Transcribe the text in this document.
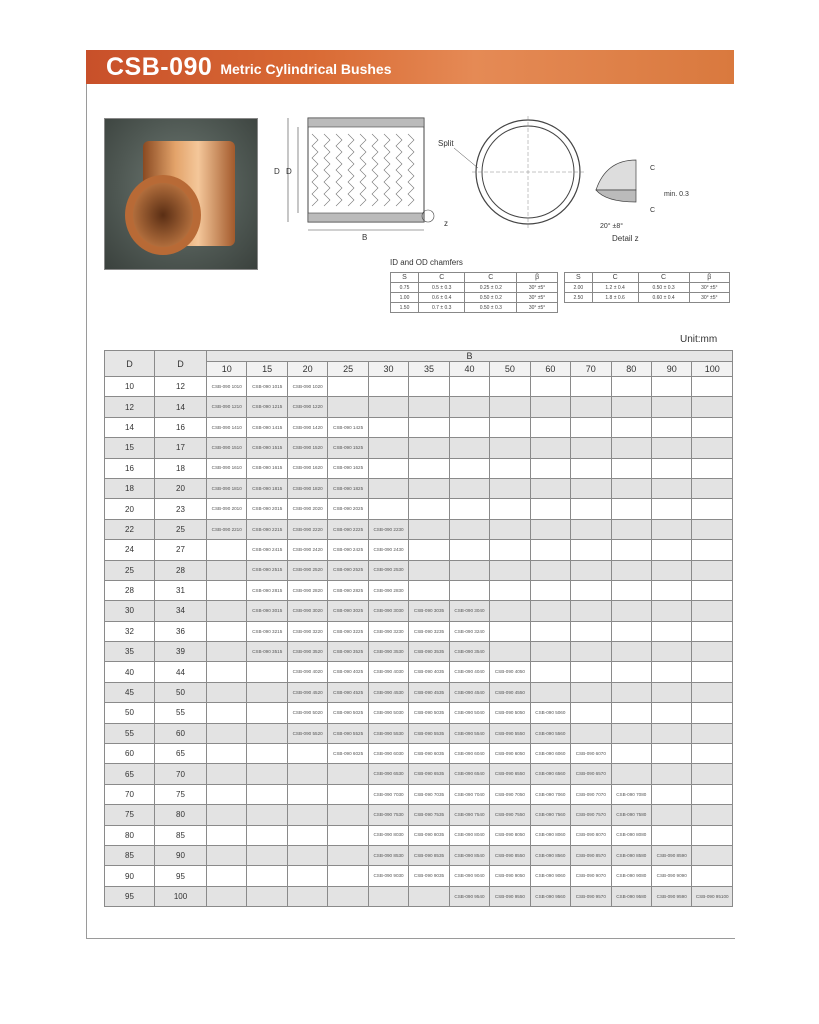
CSB-090 Metric Cylindrical Bushes
D D
B
z
Split
C
C
min. 0.3
20° ±8°
Detail z
ID and OD chamfers
S	C	C	β
0.75	0.5 ± 0.3	0.25 ± 0.2	30° ±5°
1.00	0.6 ± 0.4	0.50 ± 0.2	30° ±5°
1.50	0.7 ± 0.3	0.50 ± 0.3	30° ±5°
S	C	C	β
2.00	1.2 ± 0.4	0.50 ± 0.3	30° ±5°
2.50	1.8 ± 0.6	0.60 ± 0.4	30° ±5°
Unit:mm
D	D	B												
		10	15	20	25	30	35	40	50	60	70	80	90	100
10	12	CSB-090 1010	CSB-090 1015	CSB-090 1020										

12	14	CSB-090 1210	CSB-090 1215	CSB-090 1220										

14	16	CSB-090 1410	CSB-090 1415	CSB-090 1420	CSB-090 1425									

15	17	CSB-090 1510	CSB-090 1515	CSB-090 1520	CSB-090 1525									

16	18	CSB-090 1610	CSB-090 1615	CSB-090 1620	CSB-090 1625									

18	20	CSB-090 1810	CSB-090 1815	CSB-090 1820	CSB-090 1825									

20	23	CSB-090 2010	CSB-090 2015	CSB-090 2020	CSB-090 2025									

22	25	CSB-090 2210	CSB-090 2215	CSB-090 2220	CSB-090 2225	CSB-090 2230								

24	27		CSB-090 2415	CSB-090 2420	CSB-090 2425	CSB-090 2430								

25	28		CSB-090 2515	CSB-090 2520	CSB-090 2525	CSB-090 2530								

28	31		CSB-090 2815	CSB-090 2820	CSB-090 2825	CSB-090 2830								

30	34		CSB-090 3015	CSB-090 3020	CSB-090 3025	CSB-090 3030	CSB-090 3035	CSB-090 3040						

32	36		CSB-090 3215	CSB-090 3220	CSB-090 3225	CSB-090 3230	CSB-090 3235	CSB-090 3240						

35	39		CSB-090 3515	CSB-090 3520	CSB-090 3525	CSB-090 3530	CSB-090 3535	CSB-090 3540						

40	44			CSB-090 4020	CSB-090 4025	CSB-090 4030	CSB-090 4035	CSB-090 4040	CSB-090 4050					

45	50			CSB-090 4520	CSB-090 4525	CSB-090 4530	CSB-090 4535	CSB-090 4540	CSB-090 4550					

50	55			CSB-090 5020	CSB-090 5025	CSB-090 5030	CSB-090 5035	CSB-090 5040	CSB-090 5050	CSB-090 5060				

55	60			CSB-090 5520	CSB-090 5525	CSB-090 5530	CSB-090 5535	CSB-090 5540	CSB-090 5550	CSB-090 5560				

60	65				CSB-090 6025	CSB-090 6030	CSB-090 6035	CSB-090 6040	CSB-090 6050	CSB-090 6060	CSB-090 6070			

65	70					CSB-090 6530	CSB-090 6535	CSB-090 6540	CSB-090 6550	CSB-090 6560	CSB-090 6570			

70	75					CSB-090 7030	CSB-090 7035	CSB-090 7040	CSB-090 7050	CSB-090 7060	CSB-090 7070	CSB-090 7080		

75	80					CSB-090 7530	CSB-090 7535	CSB-090 7540	CSB-090 7550	CSB-090 7560	CSB-090 7570	CSB-090 7580		

80	85					CSB-090 8030	CSB-090 8035	CSB-090 8040	CSB-090 8050	CSB-090 8060	CSB-090 8070	CSB-090 8080		

85	90					CSB-090 8530	CSB-090 8535	CSB-090 8540	CSB-090 8550	CSB-090 8560	CSB-090 8570	CSB-090 8580	CSB-090 8590	

90	95					CSB-090 9030	CSB-090 9035	CSB-090 9040	CSB-090 9050	CSB-090 9060	CSB-090 9070	CSB-090 9080	CSB-090 9090	

95	100							CSB-090 9540	CSB-090 9550	CSB-090 9560	CSB-090 9570	CSB-090 9580	CSB-090 9590	CSB-090 95100
